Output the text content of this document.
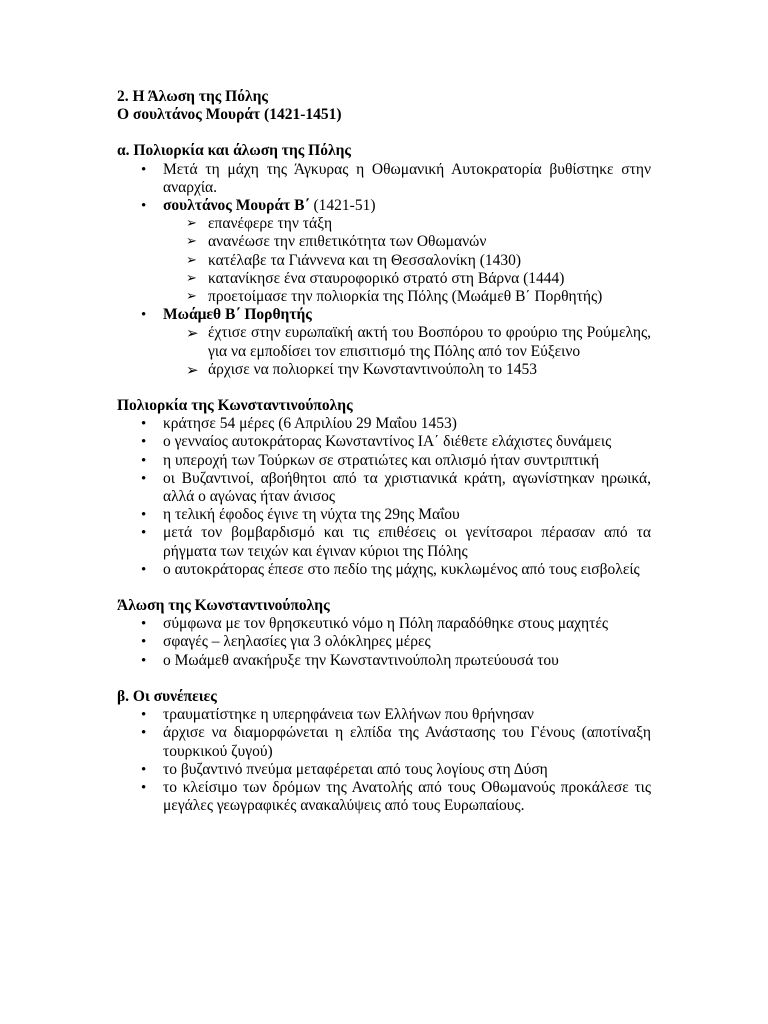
2. Η Άλωση της Πόλης

Ο σουλτάνος Μουράτ (1421-1451)

α. Πολιορκία και άλωση της Πόλης

• Μετά τη μάχη της Άγκυρας η Οθωμανική Αυτοκρατορία βυθίστηκε στην αναρχία.
• σουλτάνος Μουράτ Β΄ (1421-51)
➢ επανέφερε την τάξη
➢ ανανέωσε την επιθετικότητα των Οθωμανών
➢ κατέλαβε τα Γιάννενα και τη Θεσσαλονίκη (1430)
➢ κατανίκησε ένα σταυροφορικό στρατό στη Βάρνα (1444)
➢ προετοίμασε την πολιορκία της Πόλης (Μωάμεθ Β΄ Πορθητής)
• Μωάμεθ Β΄ Πορθητής
➢ έχτισε στην ευρωπαϊκή ακτή του Βοσπόρου το φρούριο της Ρούμελης, για να εμποδίσει τον επισιτισμό της Πόλης από τον Εύξεινο
➢ άρχισε να πολιορκεί την Κωνσταντινούπολη το 1453

Πολιορκία της Κωνσταντινούπολης

• κράτησε 54 μέρες (6 Απριλίου 29 Μαΐου 1453)
• ο γενναίος αυτοκράτορας Κωνσταντίνος ΙΑ΄ διέθετε ελάχιστες δυνάμεις
• η υπεροχή των Τούρκων σε στρατιώτες και οπλισμό ήταν συντριπτική
• οι Βυζαντινοί, αβοήθητοι από τα χριστιανικά κράτη, αγωνίστηκαν ηρωικά, αλλά ο αγώνας ήταν άνισος
• η τελική έφοδος έγινε τη νύχτα της 29ης Μαΐου
• μετά τον βομβαρδισμό και τις επιθέσεις οι γενίτσαροι πέρασαν από τα ρήγματα των τειχών και έγιναν κύριοι της Πόλης
• ο αυτοκράτορας έπεσε στο πεδίο της μάχης, κυκλωμένος από τους εισβολείς

Άλωση της Κωνσταντινούπολης

• σύμφωνα με τον θρησκευτικό νόμο η Πόλη παραδόθηκε στους μαχητές
• σφαγές – λεηλασίες για 3 ολόκληρες μέρες
• ο Μωάμεθ ανακήρυξε την Κωνσταντινούπολη πρωτεύουσά του

β. Οι συνέπειες

• τραυματίστηκε η υπερηφάνεια των Ελλήνων που θρήνησαν
• άρχισε να διαμορφώνεται η ελπίδα της Ανάστασης του Γένους (αποτίναξη τουρκικού ζυγού)
• το βυζαντινό πνεύμα μεταφέρεται από τους λογίους στη Δύση
• το κλείσιμο των δρόμων της Ανατολής από τους Οθωμανούς προκάλεσε τις μεγάλες γεωγραφικές ανακαλύψεις από τους Ευρωπαίους.
